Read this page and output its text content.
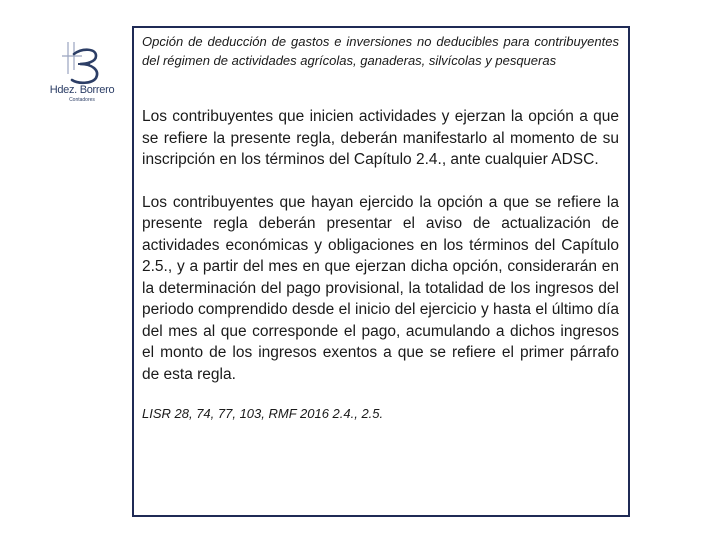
Hdez. Borrero
Contadores

Opción de deducción de gastos e inversiones no deducibles para contribuyentes del régimen de actividades agrícolas, ganaderas, silvícolas y pesqueras

Los contribuyentes que inicien actividades y ejerzan la opción a que se refiere la presente regla, deberán manifestarlo al momento de su inscripción en los términos del Capítulo 2.4., ante cualquier ADSC.

Los contribuyentes que hayan ejercido la opción a que se refiere la presente regla deberán presentar el aviso de actualización de actividades económicas y obligaciones en los términos del Capítulo 2.5., y a partir del mes en que ejerzan dicha opción, considerarán en la determinación del pago provisional, la totalidad de los ingresos del periodo comprendido desde el inicio del ejercicio y hasta el último día del mes al que corresponde el pago, acumulando a dichos ingresos el monto de los ingresos exentos a que se refiere el primer párrafo de esta regla.

LISR 28, 74, 77, 103, RMF 2016 2.4., 2.5.
